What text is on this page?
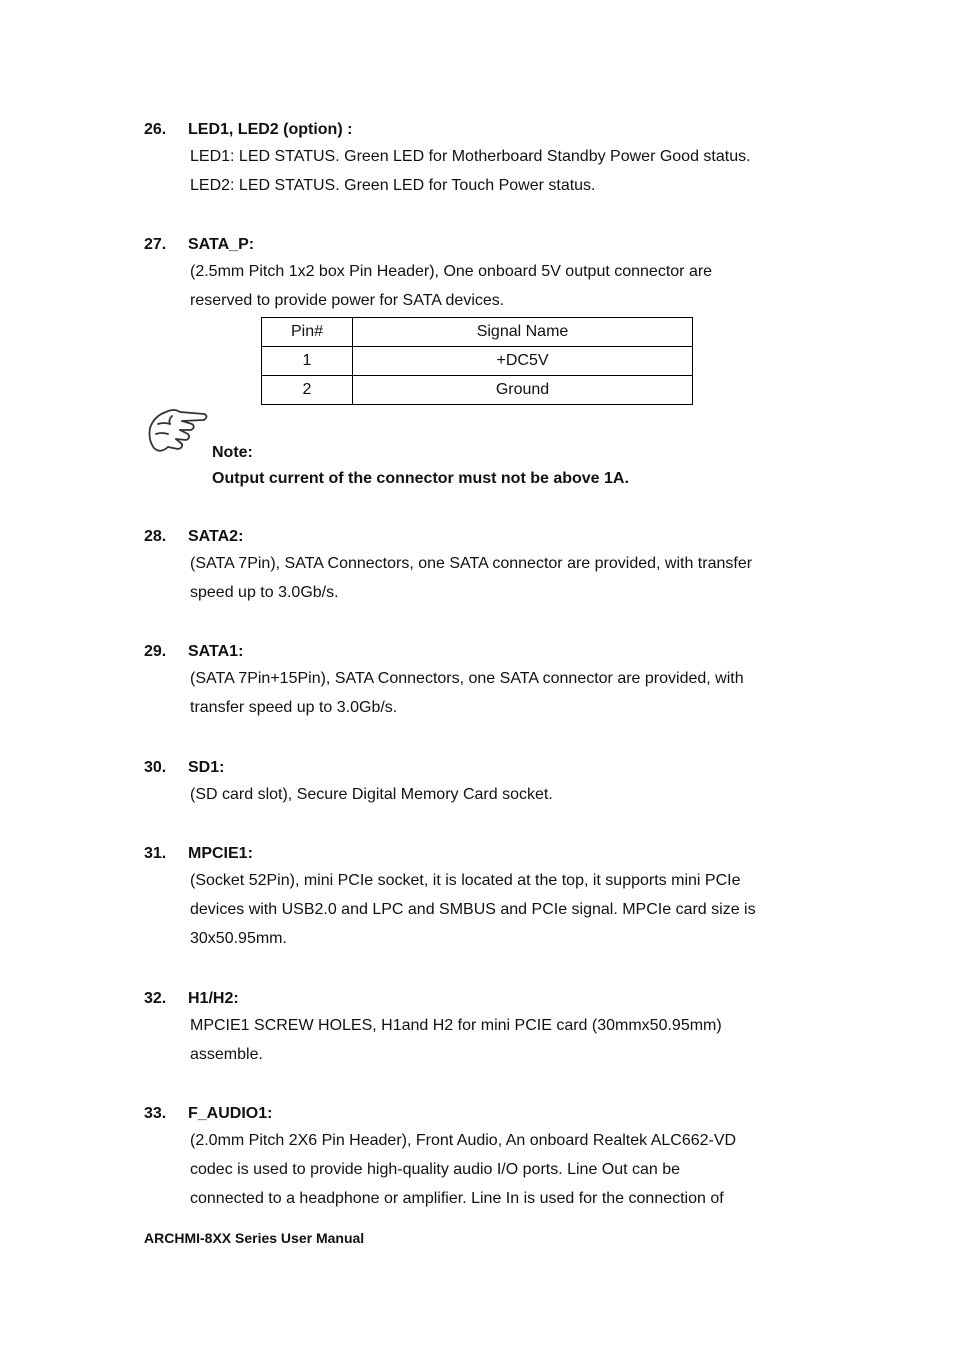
26. LED1, LED2 (option) :
LED1: LED STATUS. Green LED for Motherboard Standby Power Good status.
LED2: LED STATUS. Green LED for Touch Power status.
27. SATA_P:
(2.5mm Pitch 1x2 box Pin Header), One onboard 5V output connector are
reserved to provide power for SATA devices.
Pin#	Signal Name
1	+DC5V
2	Ground
Note:
Output current of the connector must not be above 1A.
28. SATA2:
(SATA 7Pin), SATA Connectors, one SATA connector are provided, with transfer
speed up to 3.0Gb/s.
29. SATA1:
(SATA 7Pin+15Pin), SATA Connectors, one SATA connector are provided, with
transfer speed up to 3.0Gb/s.
30. SD1:
(SD card slot), Secure Digital Memory Card socket.
31. MPCIE1:
(Socket 52Pin), mini PCIe socket, it is located at the top, it supports mini PCIe
devices with USB2.0 and LPC and SMBUS and PCIe signal. MPCIe card size is
30x50.95mm.
32. H1/H2:
MPCIE1 SCREW HOLES, H1and H2 for mini PCIE card (30mmx50.95mm)
assemble.
33. F_AUDIO1:
(2.0mm Pitch 2X6 Pin Header), Front Audio, An onboard Realtek ALC662-VD
codec is used to provide high-quality audio I/O ports. Line Out can be
connected to a headphone or amplifier. Line In is used for the connection of
ARCHMI-8XX Series User Manual
